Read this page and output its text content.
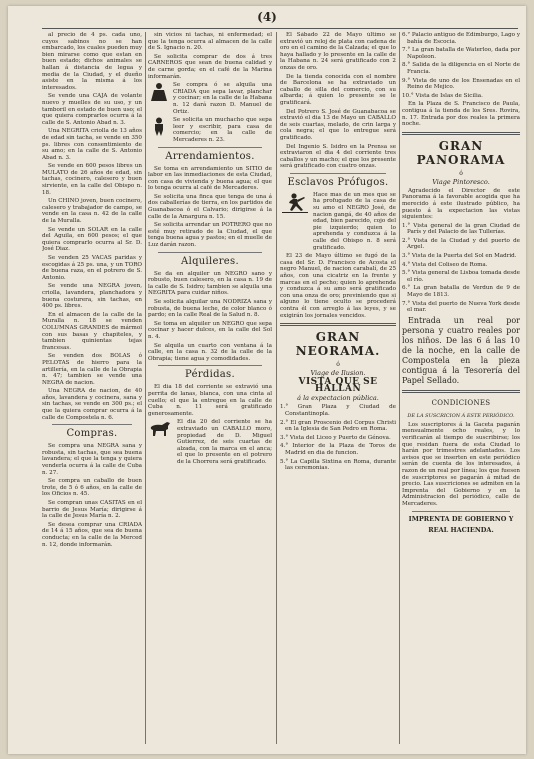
(4)

al precio de 4 ps. cada uno, cuyos sabinos no se han embarcado, los cuales pueden muy bien mirarse como que estan en buen estado; dichos animales se hallan á distancia de legua y media de la Ciudad, y el dueño asiste en la misma á los interesados.

Se vende una CAJA de volante nuevo y muelles de su uso, y un tamboril en estado de buen uso; el que quiera comprarlos ocurra á la calle de S. Antonio Abad n. 3.

Una NEGRITA criolla de 13 años de edad sin tacha, se vende en 350 ps. libres con consentimiento de su amo; en la calle de S. Antonio Abad n. 3.

Se vende en 600 pesos libres un MULATO de 26 años de edad, sin tachas, cocinero, calesero y buen sirviente, en la calle del Obispo n. 18.

Un CHINO joven, buen cocinero, calesero y trabajador de campo, se vende en la casa n. 42 de la calle de la Muralla.

Se vende un SOLAR en la calle del Aguila, en 600 pesos; el que quiera comprarlo ocurra al Sr. D. José Diaz.

Se venden 25 VACAS paridas y escogidas á 25 ps. una, y un TORO de buena raza, en el potrero de S. Antonio.

Se vende una NEGRA joven, criolla, lavandera, planchadora y buena costurera, sin tachas, en 400 ps. libres.

En el almacen de la calle de la Muralla n. 18 se venden COLUMNAS GRANDES de mármol con sus basas y chapiteles, y tambien quinientas tejas francesas.

Se venden dos BOLAS ó PELOTAS de hierro para la artillería, en la calle de la Obrapia n. 47; tambien se vende una NEGRA de nacion.

Una NEGRA de nacion, de 40 años, lavandera y cocinera, sana y sin tachas, se vende en 300 ps.; el que la quiera comprar ocurra á la calle de Compostela n. 6.

Compras.

Se compra una NEGRA sana y robusta, sin tachas, que sea buena lavandera; el que la tenga y quiera venderla ocurra á la calle de Cuba n. 27.

Se compra un caballo de buen trote, de 5 ó 6 años, en la calle de los Oficios n. 45.

Se compran unas CASITAS en el barrio de Jesus María; dirigirse á la calle de Jesus María n. 2.

Se desea comprar una CRIADA de 14 á 15 años, que sea de buena conducta; en la calle de la Merced n. 12, donde informarán.

sin vicios ni tachas, ni enfermedad; el que la tenga ocurra al almacen de la calle de S. Ignacio n. 20.

Se solicita comprar de dos á tres CARNEROS que sean de buena calidad y de carne gorda; en el café de la Marina informarán.

Se compra ó se alquila una CRIADA que sepa lavar, planchar y cocinar; en la calle de la Habana n. 12 dará razon D. Manuel de Ortiz.

Se solicita un muchacho que sepa leer y escribir, para casa de comercio; en la calle de Mercaderes n. 23.

Arrendamientos.

Se toma en arrendamiento un SITIO de labor en las inmediaciones de esta Ciudad, con casa de vivienda y buena agua; el que lo tenga ocurra al café de Mercaderes.

Se solicita una finca que tenga de una á dos caballerías de tierra, en los partidos de Guanabacoa ó el Calvario; dirigirse á la calle de la Amargura n. 15.

Se solicita arrendar un POTRERO que no esté muy retirado de la Ciudad, el que tenga buena agua y pastos; en el muelle de Luz darán razon.

Alquileres.

Se da en alquiler un NEGRO sano y robusto, buen calesero, en la casa n. 19 de la calle de S. Isidro; tambien se alquila una NEGRITA para cuidar niños.

Se solicita alquilar una NODRIZA sana y robusta, de buena leche, de color blanco ó pardo; en la calle Real de la Salud n. 8.

Se toma en alquiler un NEGRO que sepa cocinar y hacer dulces, en la calle del Sol n. 4.

Se alquila un cuarto con ventana á la calle, en la casa n. 32 de la calle de la Obrapia; tiene agua y comodidades.

Pérdidas.

El dia 18 del corriente se extravió una perrita de lanas, blanca, con una cinta al cuello; el que la entregue en la calle de Cuba n. 11 será gratificado generosamente.

El dia 20 del corriente se ha extraviado un CABALLO moro, propiedad de D. Miguel Gutierrez, de seis cuartas de alzada, con la marca en el anca; el que lo presente en el potrero de la Chorrera será gratificado.

El Sábado 22 de Mayo último se extravió un reloj de plata con cadena de oro en el camino de la Calzada; el que lo haya hallado y lo presente en la calle de la Habana n. 24 será gratificado con 2 onzas de oro.

De la tienda conocida con el nombre de Barcelona se ha extraviado un caballo de silla del comercio, con su albarda; á quien lo presente se le gratificará.

Del Potrero S. José de Guanabacoa se extravió el dia 13 de Mayo un CABALLO de seis cuartas, melado, de crin larga y cola negra; el que lo entregue será gratificado.

Del Ingenio S. Isidro en la Prensa se extraviaron el dia 4 del corriente tres caballos y un macho; el que los presente será gratificado con cuatro onzas.

Esclavos Prófugos.

Hace mas de un mes que se ha profugado de la casa de su amo el NEGRO José, de nacion gangá, de 40 años de edad, bien parecido, cojo del pie izquierdo; quien lo aprehenda y conduzca á la calle del Obispo n. 8 será gratificado.

El 23 de Mayo último se fugó de la casa del Sr. D. Francisco de Acosta el negro Manuel, de nacion carabalí, de 25 años, con una cicatriz en la frente y marcas en el pecho; quien lo aprehenda y conduzca á su amo será gratificado con una onza de oro; previniendo que si alguno lo tiene oculto se procederá contra él con arreglo á las leyes, y se exigirán los jornales vencidos.

GRAN NEORAMA.
ó
Viage de Ilusion.
VISTA QUE SE HALLAN
á la expectacion pública.
1.° Gran Plaza y Ciudad de Constantinopla.
2.° El gran Proscenio del Corpus Christi en la Iglesia de San Pedro en Roma.
3.° Vista del Liceo y Puerto de Génova.
4.° Interior de la Plaza de Toros de Madrid en dia de funcion.
5.° La Capilla Sixtina en Roma, durante las ceremonias.
6.° Palacio antiguo de Edimburgo, Lago y bahía de Escocia.
7.° La gran batalla de Waterloo, dada por Napoleon.
8.° Salida de la diligencia en el Norte de Francia.
9.° Vista de uno de los Ensenadas en el Reino de Mejico.
10.° Vista de Islas de Sicilia.

En la Plaza de S. Francisco de Paula, contigua á la tienda de los Sres. Rovira, n. 17. Entrada por dos reales la primera noche.

GRAN PANORAMA
ó
Viage Pintoresco.

Agradecido el Director de este Panorama á la favorable acogida que ha merecido á este ilustrado público, ha puesto á la expectacion las vistas siguientes:

1.° Vista general de la gran Ciudad de París y del Palacio de las Tullerías.
2.° Vista de la Ciudad y del puerto de Argel.
3.° Vista de la Puerta del Sol en Madrid.
4.° Vista del Coliseo de Roma.
5.° Vista general de Lisboa tomada desde el río.
6.° La gran batalla de Verdun de 9 de Mayo de 1813.
7.° Vista del puerto de Nueva York desde el mar.

Entrada un real por persona y cuatro reales por los niños. De las 6 á las 10 de la noche, en la calle de Compostela en la pieza contigua á la Tesorería del Papel Sellado.

CONDICIONES
DE LA SUSCRICION Á ESTE PERIÓDICO.

Los suscriptores á la Gaceta pagarán mensualmente ocho reales, y lo verificarán al tiempo de suscribirse; los que residan fuera de esta Ciudad lo harán por trimestres adelantados. Los avisos que se inserten en este periódico serán de cuenta de los interesados, á razon de un real por línea; los que fuesen de suscriptores se pagarán á mitad de precio. Las suscriciones se admiten en la Imprenta del Gobierno y en la Administracion del periódico, calle de Mercaderes.

IMPRENTA DE GOBIERNO Y
REAL HACIENDA.
